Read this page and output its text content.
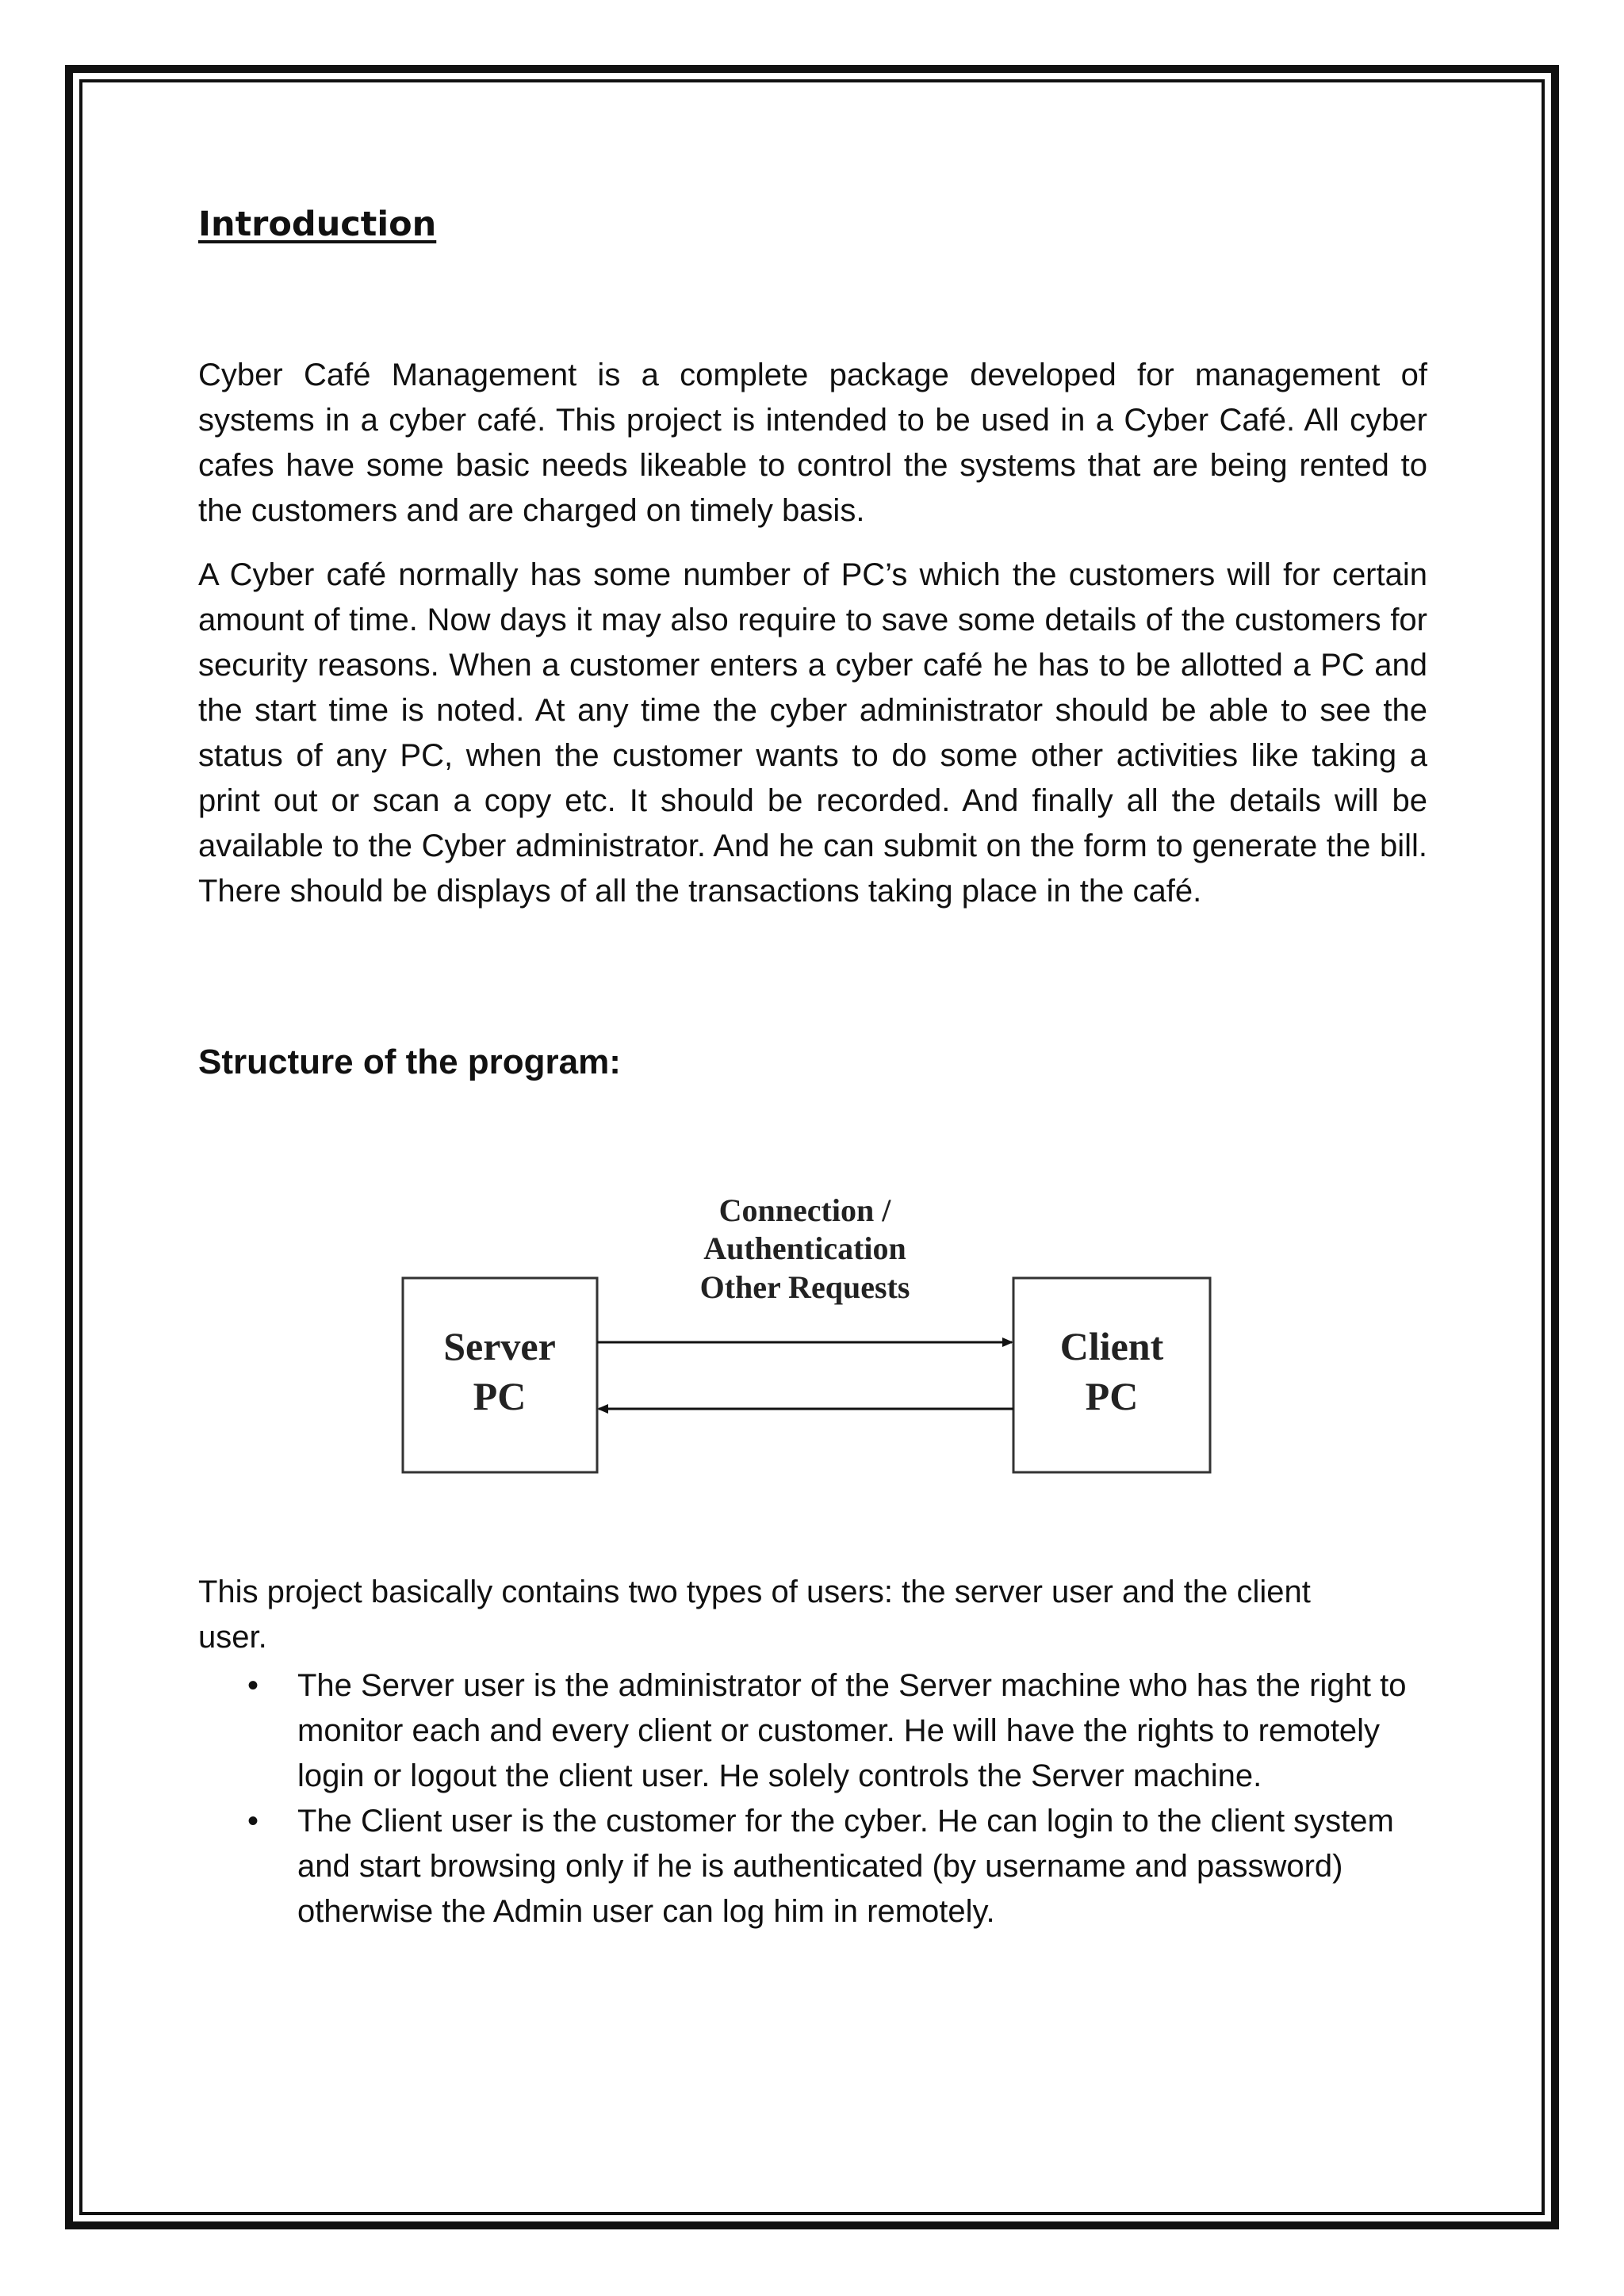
Introduction

Cyber Café Management is a complete package developed for management of systems in a cyber café. This project is intended to be used in a Cyber Café. All cyber cafes have some basic needs likeable to control the systems that are being rented to the customers and are charged on timely basis.

A Cyber café normally has some number of PC’s which the customers will for certain amount of time. Now days it may also require to save some details of the customers for security reasons. When a customer enters a cyber café he has to be allotted a PC and the start time is noted. At any time the cyber administrator should be able to see the status of any PC, when the customer wants to do some other activities like taking a print out or scan a copy etc. It should be recorded. And finally all the details will be available to the Cyber administrator. And he can submit on the form to generate the bill. There should be displays of all the transactions taking place in the café.

Structure of the program:

This project basically contains two types of users: the server user and the client user.

• The Server user is the administrator of the Server machine who has the right to monitor each and every client or customer. He will have the rights to remotely login or logout the client user. He solely controls the Server machine.
• The Client user is the customer for the cyber. He can login to the client system and start browsing only if he is authenticated (by username and password) otherwise the Admin user can log him in remotely.
Connection /
Authentication
Other Requests
Server
PC
Client
PC
